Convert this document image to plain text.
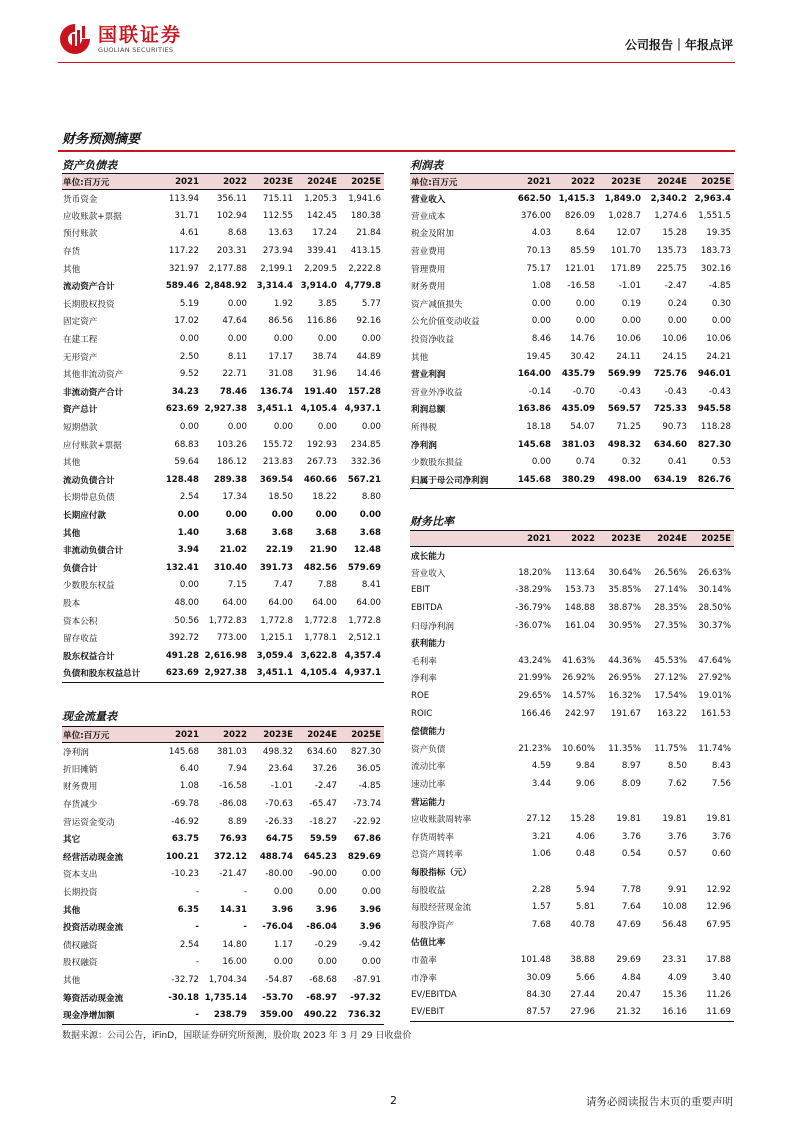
国联证券
GUOLIAN SECURITIES	公司报告｜年报点评
财务预测摘要
资产负债表	利润表
财务比率
现金流量表
单位:百万元	2021	2022	2023E	2024E	2025E
货币资金	113.94	356.11	715.11	1,205.3	1,941.6
应收账款+票据	31.71	102.94	112.55	142.45	180.38
预付账款	4.61	8.68	13.63	17.24	21.84
存货	117.22	203.31	273.94	339.41	413.15
其他	321.97	2,177.88	2,199.1	2,209.5	2,222.8
流动资产合计	589.46	2,848.92	3,314.4	3,914.0	4,779.8
长期股权投资	5.19	0.00	1.92	3.85	5.77
固定资产	17.02	47.64	86.56	116.86	92.16
在建工程	0.00	0.00	0.00	0.00	0.00
无形资产	2.50	8.11	17.17	38.74	44.89
其他非流动资产	9.52	22.71	31.08	31.96	14.46
非流动资产合计	34.23	78.46	136.74	191.40	157.28
资产总计	623.69	2,927.38	3,451.1	4,105.4	4,937.1
短期借款	0.00	0.00	0.00	0.00	0.00
应付账款+票据	68.83	103.26	155.72	192.93	234.85
其他	59.64	186.12	213.83	267.73	332.36
流动负债合计	128.48	289.38	369.54	460.66	567.21
长期带息负债	2.54	17.34	18.50	18.22	8.80
长期应付款	0.00	0.00	0.00	0.00	0.00
其他	1.40	3.68	3.68	3.68	3.68
非流动负债合计	3.94	21.02	22.19	21.90	12.48
负债合计	132.41	310.40	391.73	482.56	579.69
少数股东权益	0.00	7.15	7.47	7.88	8.41
股本	48.00	64.00	64.00	64.00	64.00
资本公积	50.56	1,772.83	1,772.8	1,772.8	1,772.8
留存收益	392.72	773.00	1,215.1	1,778.1	2,512.1
股东权益合计	491.28	2,616.98	3,059.4	3,622.8	4,357.4
负债和股东权益总计	623.69	2,927.38	3,451.1	4,105.4	4,937.1
单位:百万元	2021	2022	2023E	2024E	2025E
营业收入	662.50	1,415.3	1,849.0	2,340.2	2,963.4
营业成本	376.00	826.09	1,028.7	1,274.6	1,551.5
税金及附加	4.03	8.64	12.07	15.28	19.35
营业费用	70.13	85.59	101.70	135.73	183.73
管理费用	75.17	121.01	171.89	225.75	302.16
财务费用	1.08	-16.58	-1.01	-2.47	-4.85
资产减值损失	0.00	0.00	0.19	0.24	0.30
公允价值变动收益	0.00	0.00	0.00	0.00	0.00
投资净收益	8.46	14.76	10.06	10.06	10.06
其他	19.45	30.42	24.11	24.15	24.21
营业利润	164.00	435.79	569.99	725.76	946.01
营业外净收益	-0.14	-0.70	-0.43	-0.43	-0.43
利润总额	163.86	435.09	569.57	725.33	945.58
所得税	18.18	54.07	71.25	90.73	118.28
净利润	145.68	381.03	498.32	634.60	827.30
少数股东损益	0.00	0.74	0.32	0.41	0.53
归属于母公司净利润	145.68	380.29	498.00	634.19	826.76
	2021	2022	2023E	2024E	2025E
成长能力					
营业收入	18.20%	113.64	30.64%	26.56%	26.63%
EBIT	-38.29%	153.73	35.85%	27.14%	30.14%
EBITDA	-36.79%	148.88	38.87%	28.35%	28.50%
归母净利润	-36.07%	161.04	30.95%	27.35%	30.37%
获利能力					
毛利率	43.24%	41.63%	44.36%	45.53%	47.64%
净利率	21.99%	26.92%	26.95%	27.12%	27.92%
ROE	29.65%	14.57%	16.32%	17.54%	19.01%
ROIC	166.46	242.97	191.67	163.22	161.53
偿债能力					
资产负债	21.23%	10.60%	11.35%	11.75%	11.74%
流动比率	4.59	9.84	8.97	8.50	8.43
速动比率	3.44	9.06	8.09	7.62	7.56
营运能力					
应收账款周转率	27.12	15.28	19.81	19.81	19.81
存货周转率	3.21	4.06	3.76	3.76	3.76
总资产周转率	1.06	0.48	0.54	0.57	0.60
每股指标（元）					
每股收益	2.28	5.94	7.78	9.91	12.92
每股经营现金流	1.57	5.81	7.64	10.08	12.96
每股净资产	7.68	40.78	47.69	56.48	67.95
估值比率					
市盈率	101.48	38.88	29.69	23.31	17.88
市净率	30.09	5.66	4.84	4.09	3.40
EV/EBITDA	84.30	27.44	20.47	15.36	11.26
EV/EBIT	87.57	27.96	21.32	16.16	11.69
单位:百万元	2021	2022	2023E	2024E	2025E
净利润	145.68	381.03	498.32	634.60	827.30
折旧摊销	6.40	7.94	23.64	37.26	36.05
财务费用	1.08	-16.58	-1.01	-2.47	-4.85
存货减少	-69.78	-86.08	-70.63	-65.47	-73.74
营运资金变动	-46.92	8.89	-26.33	-18.27	-22.92
其它	63.75	76.93	64.75	59.59	67.86
经营活动现金流	100.21	372.12	488.74	645.23	829.69
资本支出	-10.23	-21.47	-80.00	-90.00	0.00
长期投资	-	-	0.00	0.00	0.00
其他	6.35	14.31	3.96	3.96	3.96
投资活动现金流	-	-	-76.04	-86.04	3.96
债权融资	2.54	14.80	1.17	-0.29	-9.42
股权融资	-	16.00	0.00	0.00	0.00
其他	-32.72	1,704.34	-54.87	-68.68	-87.91
筹资活动现金流	-30.18	1,735.14	-53.70	-68.97	-97.32
现金净增加额	-	238.79	359.00	490.22	736.32
数据来源：公司公告，iFinD，国联证券研究所预测，股价取 2023 年 3 月 29 日收盘价
2	请务必阅读报告末页的重要声明
